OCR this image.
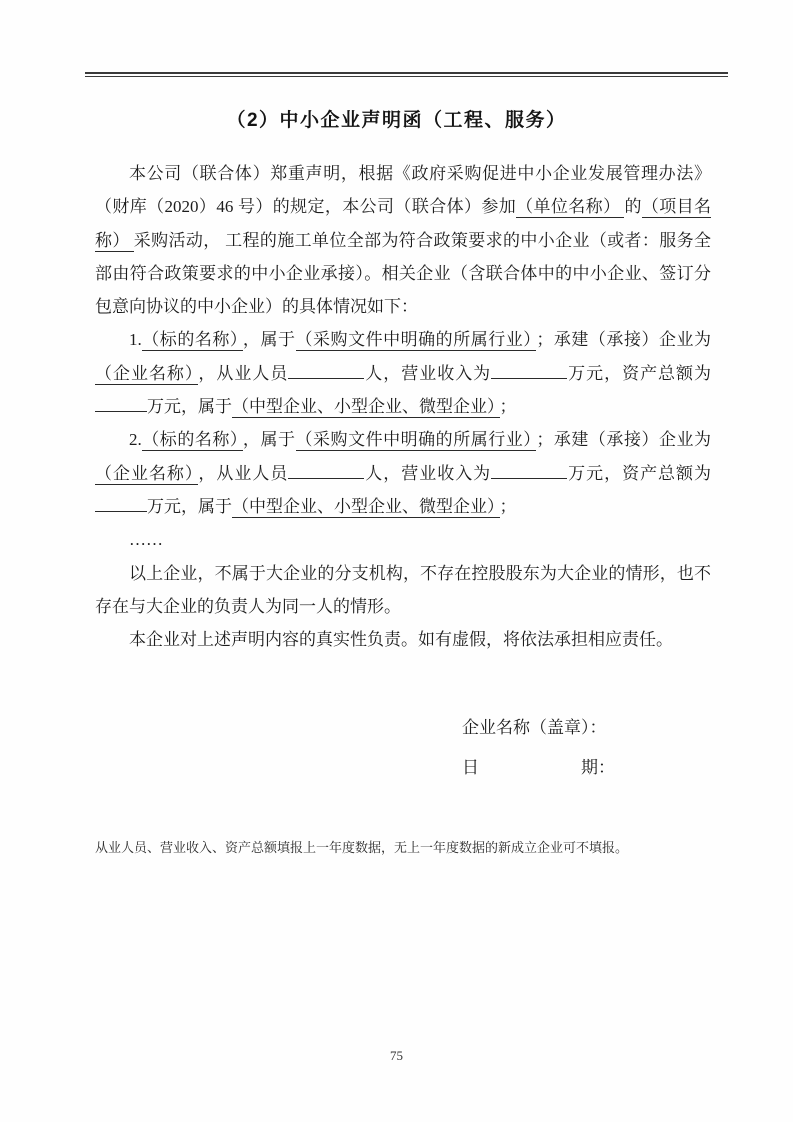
（2）中小企业声明函（工程、服务）

本公司（联合体）郑重声明，根据《政府采购促进中小企业发展管理办法》（财库（2020）46 号）的规定，本公司（联合体）参加（单位名称） 的（项目名称） 采购活动， 工程的施工单位全部为符合政策要求的中小企业（或者：服务全部由符合政策要求的中小企业承接）。相关企业（含联合体中的中小企业、签订分包意向协议的中小企业）的具体情况如下：

1.（标的名称） ，属于（采购文件中明确的所属行业） ；承建（承接）企业为（企业名称） ，从业人员	人，营业收入为	万元，资产总额为万元，属于（中型企业、小型企业、微型企业） ；

2.（标的名称） ，属于（采购文件中明确的所属行业） ；承建（承接）企业为（企业名称） ，从业人员	人，营业收入为	万元，资产总额为万元，属于（中型企业、小型企业、微型企业） ；

……

以上企业，不属于大企业的分支机构，不存在控股股东为大企业的情形，也不存在与大企业的负责人为同一人的情形。

本企业对上述声明内容的真实性负责。如有虚假，将依法承担相应责任。

企业名称（盖章）：

日	期：

从业人员、营业收入、资产总额填报上一年度数据，无上一年度数据的新成立企业可不填报。
75
